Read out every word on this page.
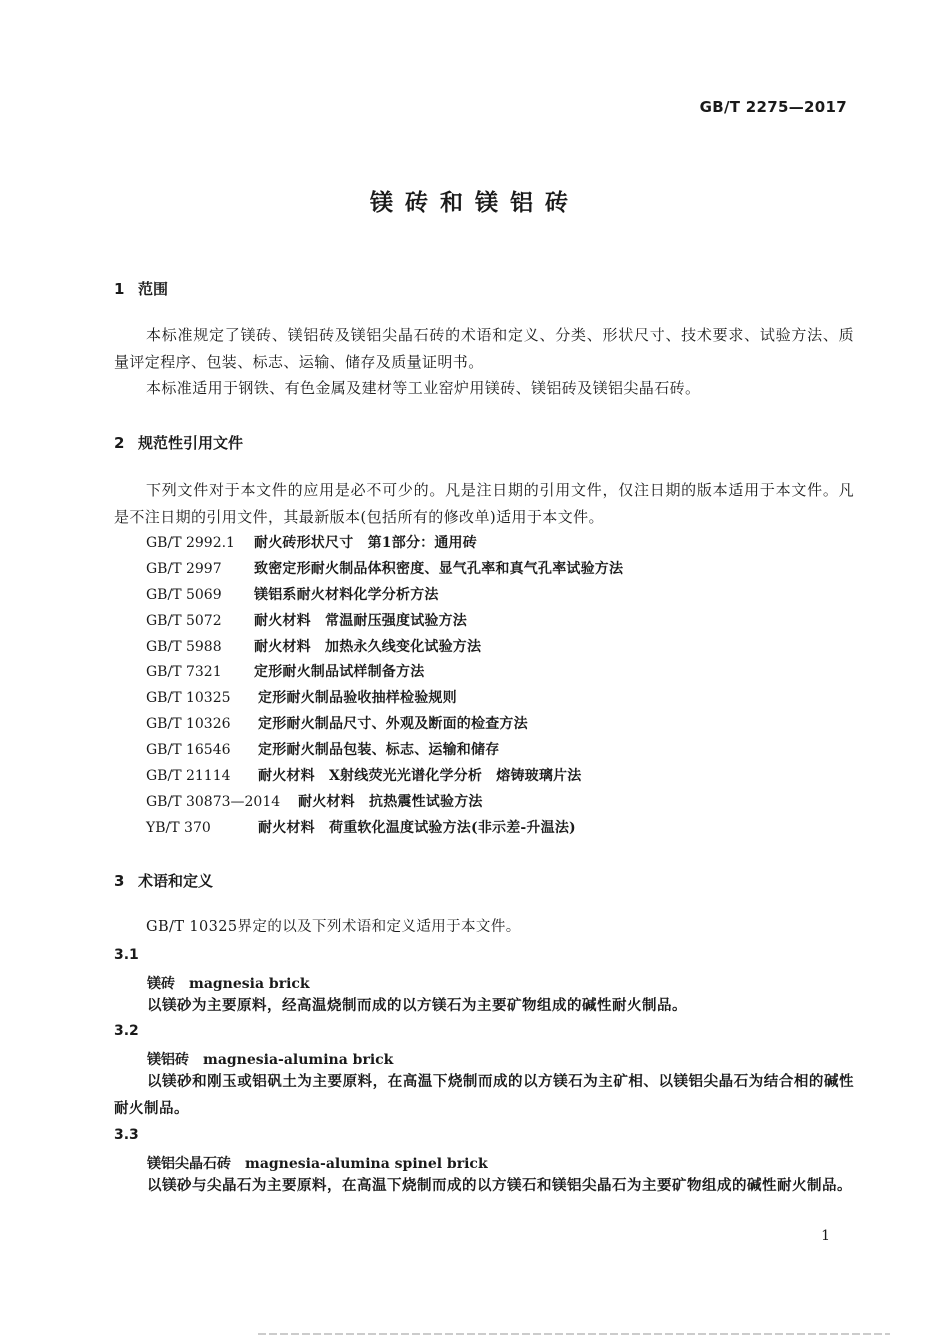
GB/T 2275—2017
镁砖和镁铝砖
1 范围
本标准规定了镁砖、镁铝砖及镁铝尖晶石砖的术语和定义、分类、形状尺寸、技术要求、试验方法、质量评定程序、包装、标志、运输、储存及质量证明书。
本标准适用于钢铁、有色金属及建材等工业窑炉用镁砖、镁铝砖及镁铝尖晶石砖。
2 规范性引用文件
下列文件对于本文件的应用是必不可少的。凡是注日期的引用文件，仅注日期的版本适用于本文件。凡是不注日期的引用文件，其最新版本(包括所有的修改单)适用于本文件。
GB/T 2992.1 耐火砖形状尺寸　第1部分：通用砖
GB/T 2997 致密定形耐火制品体积密度、显气孔率和真气孔率试验方法
GB/T 5069 镁铝系耐火材料化学分析方法
GB/T 5072 耐火材料　常温耐压强度试验方法
GB/T 5988 耐火材料　加热永久线变化试验方法
GB/T 7321 定形耐火制品试样制备方法
GB/T 10325 定形耐火制品验收抽样检验规则
GB/T 10326 定形耐火制品尺寸、外观及断面的检查方法
GB/T 16546 定形耐火制品包装、标志、运输和储存
GB/T 21114 耐火材料　X射线荧光光谱化学分析　熔铸玻璃片法
GB/T 30873—2014 耐火材料　抗热震性试验方法
YB/T 370	耐火材料　荷重软化温度试验方法(非示差-升温法)
3 术语和定义
GB/T 10325界定的以及下列术语和定义适用于本文件。
3.1
镁砖 magnesia brick
以镁砂为主要原料，经高温烧制而成的以方镁石为主要矿物组成的碱性耐火制品。
3.2
镁铝砖 magnesia-alumina brick
以镁砂和刚玉或铝矾土为主要原料，在高温下烧制而成的以方镁石为主矿相、以镁铝尖晶石为结合相的碱性耐火制品。
3.3
镁铝尖晶石砖 magnesia-alumina spinel brick
以镁砂与尖晶石为主要原料，在高温下烧制而成的以方镁石和镁铝尖晶石为主要矿物组成的碱性耐火制品。
1
